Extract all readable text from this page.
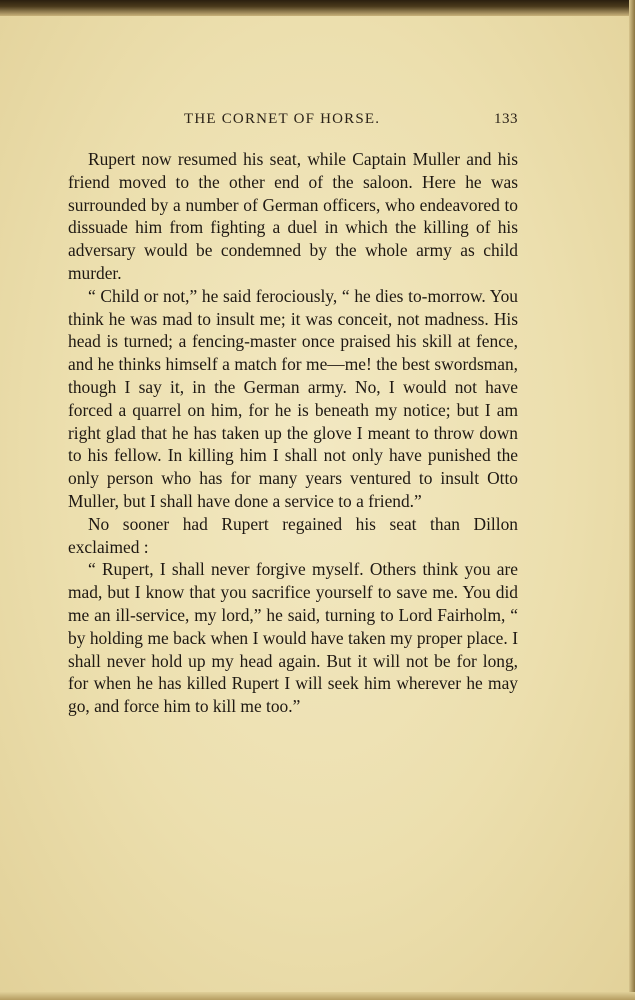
THE CORNET OF HORSE.	133

Rupert now resumed his seat, while Captain Muller and his friend moved to the other end of the saloon. Here he was surrounded by a number of German officers, who endeavored to dissuade him from fighting a duel in which the killing of his adversary would be condemned by the whole army as child murder.

“ Child or not,” he said ferociously, “ he dies to-morrow. You think he was mad to insult me; it was conceit, not madness. His head is turned; a fencing-master once praised his skill at fence, and he thinks himself a match for me—me! the best swordsman, though I say it, in the German army. No, I would not have forced a quarrel on him, for he is beneath my notice; but I am right glad that he has taken up the glove I meant to throw down to his fellow. In killing him I shall not only have punished the only person who has for many years ventured to insult Otto Muller, but I shall have done a service to a friend.”

No sooner had Rupert regained his seat than Dillon exclaimed :

“ Rupert, I shall never forgive myself. Others think you are mad, but I know that you sacrifice yourself to save me. You did me an ill-service, my lord,” he said, turning to Lord Fairholm, “ by holding me back when I would have taken my proper place. I shall never hold up my head again. But it will not be for long, for when he has killed Rupert I will seek him wherever he may go, and force him to kill me too.”
